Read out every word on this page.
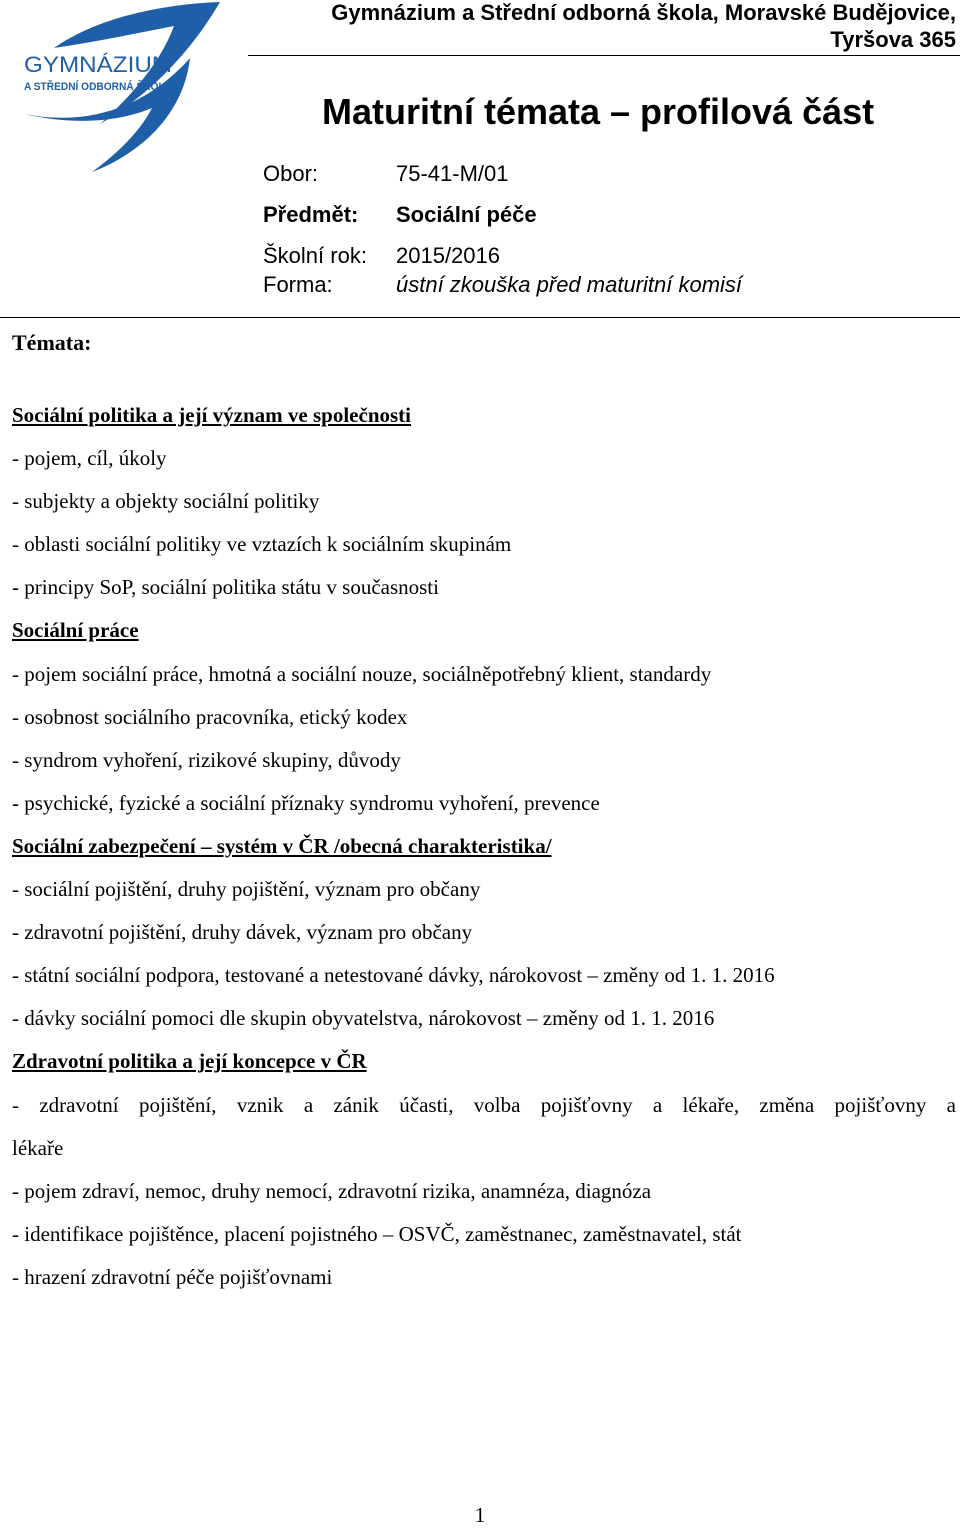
GYMNÁZIUM
A STŘEDNÍ ODBORNÁ ŠKOLA
Gymnázium a Střední odborná škola, Moravské Budějovice,
Tyršova 365
Maturitní témata – profilová část
Obor:	75-41-M/01
Předmět: Sociální péče
Školní rok: 2015/2016
Forma:	ústní zkouška před maturitní komisí
Témata:
Sociální politika a její význam ve společnosti
- pojem, cíl, úkoly
- subjekty a objekty sociální politiky
- oblasti sociální politiky ve vztazích k sociálním skupinám
- principy SoP, sociální politika státu v současnosti
Sociální práce
- pojem sociální práce, hmotná a sociální nouze, sociálněpotřebný klient, standardy
- osobnost sociálního pracovníka, etický kodex
- syndrom vyhoření, rizikové skupiny, důvody
- psychické, fyzické a sociální příznaky syndromu vyhoření, prevence
Sociální zabezpečení – systém v ČR /obecná charakteristika/
- sociální pojištění, druhy pojištění, význam pro občany
- zdravotní pojištění, druhy dávek, význam pro občany
- státní sociální podpora, testované a netestované dávky, nárokovost – změny od 1. 1. 2016
- dávky sociální pomoci dle skupin obyvatelstva, nárokovost – změny od 1. 1. 2016
Zdravotní politika a její koncepce v ČR
- zdravotní pojištění, vznik a zánik účasti, volba pojišťovny a lékaře, změna pojišťovny a
lékaře
- pojem zdraví, nemoc, druhy nemocí, zdravotní rizika, anamnéza, diagnóza
- identifikace pojištěnce, placení pojistného – OSVČ, zaměstnanec, zaměstnavatel, stát
- hrazení zdravotní péče pojišťovnami
1
